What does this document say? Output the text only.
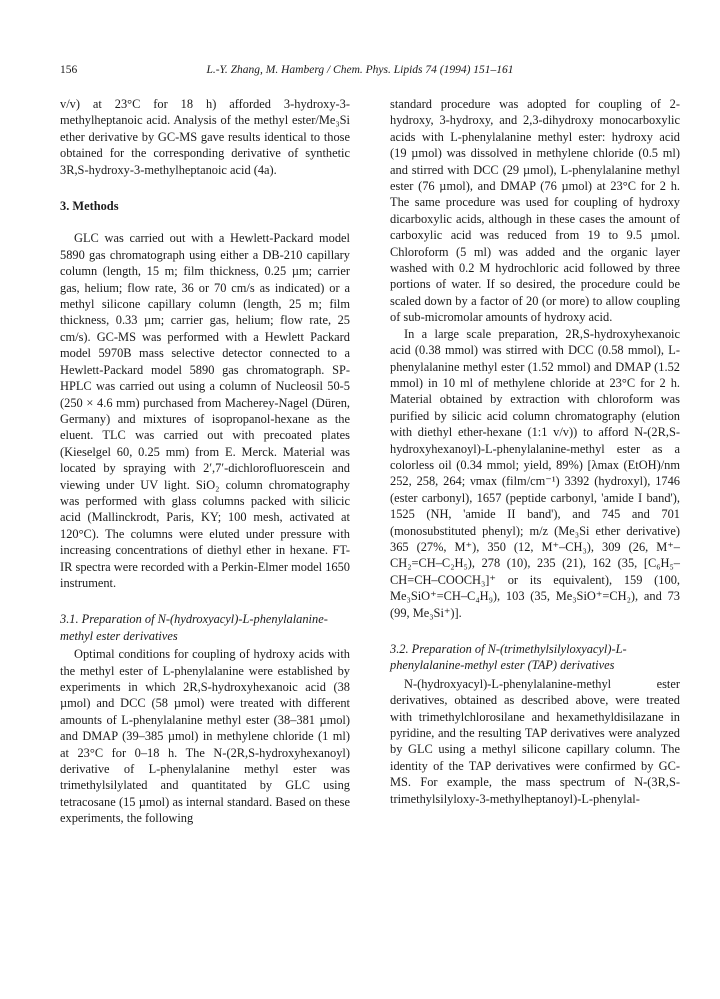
156	L.-Y. Zhang, M. Hamberg / Chem. Phys. Lipids 74 (1994) 151–161

v/v) at 23°C for 18 h) afforded 3-hydroxy-3-methylheptanoic acid. Analysis of the methyl ester/Me₃Si ether derivative by GC-MS gave results identical to those obtained for the corresponding derivative of synthetic 3R,S-hydroxy-3-methylheptanoic acid (4a).

3. Methods

GLC was carried out with a Hewlett-Packard model 5890 gas chromatograph using either a DB-210 capillary column (length, 15 m; film thickness, 0.25 µm; carrier gas, helium; flow rate, 36 or 70 cm/s as indicated) or a methyl silicone capillary column (length, 25 m; film thickness, 0.33 µm; carrier gas, helium; flow rate, 25 cm/s). GC-MS was performed with a Hewlett Packard model 5970B mass selective detector connected to a Hewlett-Packard model 5890 gas chromatograph. SP-HPLC was carried out using a column of Nucleosil 50-5 (250 × 4.6 mm) purchased from Macherey-Nagel (Düren, Germany) and mixtures of isopropanol-hexane as the eluent. TLC was carried out with precoated plates (Kieselgel 60, 0.25 mm) from E. Merck. Material was located by spraying with 2′,7′-dichlorofluorescein and viewing under UV light. SiO₂ column chromatography was performed with glass columns packed with silicic acid (Mallinckrodt, Paris, KY; 100 mesh, activated at 120°C). The columns were eluted under pressure with increasing concentrations of diethyl ether in hexane. FT-IR spectra were recorded with a Perkin-Elmer model 1650 instrument.

3.1. Preparation of N-(hydroxyacyl)-L-phenylalanine-methyl ester derivatives

Optimal conditions for coupling of hydroxy acids with the methyl ester of L-phenylalanine were established by experiments in which 2R,S-hydroxyhexanoic acid (38 µmol) and DCC (58 µmol) were treated with different amounts of L-phenylalanine methyl ester (38–381 µmol) and DMAP (39–385 µmol) in methylene chloride (1 ml) at 23°C for 0–18 h. The N-(2R,S-hydroxyhexanoyl) derivative of L-phenylalanine methyl ester was trimethylsilylated and quantitated by GLC using tetracosane (15 µmol) as internal standard. Based on these experiments, the following

standard procedure was adopted for coupling of 2-hydroxy, 3-hydroxy, and 2,3-dihydroxy monocarboxylic acids with L-phenylalanine methyl ester: hydroxy acid (19 µmol) was dissolved in methylene chloride (0.5 ml) and stirred with DCC (29 µmol), L-phenylalanine methyl ester (76 µmol), and DMAP (76 µmol) at 23°C for 2 h. The same procedure was used for coupling of hydroxy dicarboxylic acids, although in these cases the amount of carboxylic acid was reduced from 19 to 9.5 µmol. Chloroform (5 ml) was added and the organic layer washed with 0.2 M hydrochloric acid followed by three portions of water. If so desired, the procedure could be scaled down by a factor of 20 (or more) to allow coupling of sub-micromolar amounts of hydroxy acid.

In a large scale preparation, 2R,S-hydroxyhexanoic acid (0.38 mmol) was stirred with DCC (0.58 mmol), L-phenylalanine methyl ester (1.52 mmol) and DMAP (1.52 mmol) in 10 ml of methylene chloride at 23°C for 2 h. Material obtained by extraction with chloroform was purified by silicic acid column chromatography (elution with diethyl ether-hexane (1:1 v/v)) to afford N-(2R,S-hydroxyhexanoyl)-L-phenylalanine-methyl ester as a colorless oil (0.34 mmol; yield, 89%) [λmax (EtOH)/nm 252, 258, 264; νmax (film/cm⁻¹) 3392 (hydroxyl), 1746 (ester carbonyl), 1657 (peptide carbonyl, 'amide I band'), 1525 (NH, 'amide II band'), and 745 and 701 (monosubstituted phenyl); m/z (Me₃Si ether derivative) 365 (27%, M⁺), 350 (12, M⁺–CH₃), 309 (26, M⁺–CH₂=CH–C₂H₅), 278 (10), 235 (21), 162 (35, [C₆H₅–CH=CH–COOCH₃]⁺ or its equivalent), 159 (100, Me₃SiO⁺=CH–C₄H₉), 103 (35, Me₃SiO⁺=CH₂), and 73 (99, Me₃Si⁺)].

3.2. Preparation of N-(trimethylsilyloxyacyl)-L-phenylalanine-methyl ester (TAP) derivatives

N-(hydroxyacyl)-L-phenylalanine-methyl ester derivatives, obtained as described above, were treated with trimethylchlorosilane and hexamethyldisilazane in pyridine, and the resulting TAP derivatives were analyzed by GLC using a methyl silicone capillary column. The identity of the TAP derivatives were confirmed by GC-MS. For example, the mass spectrum of N-(3R,S-trimethylsilyloxy-3-methylheptanoyl)-L-phenylal-
